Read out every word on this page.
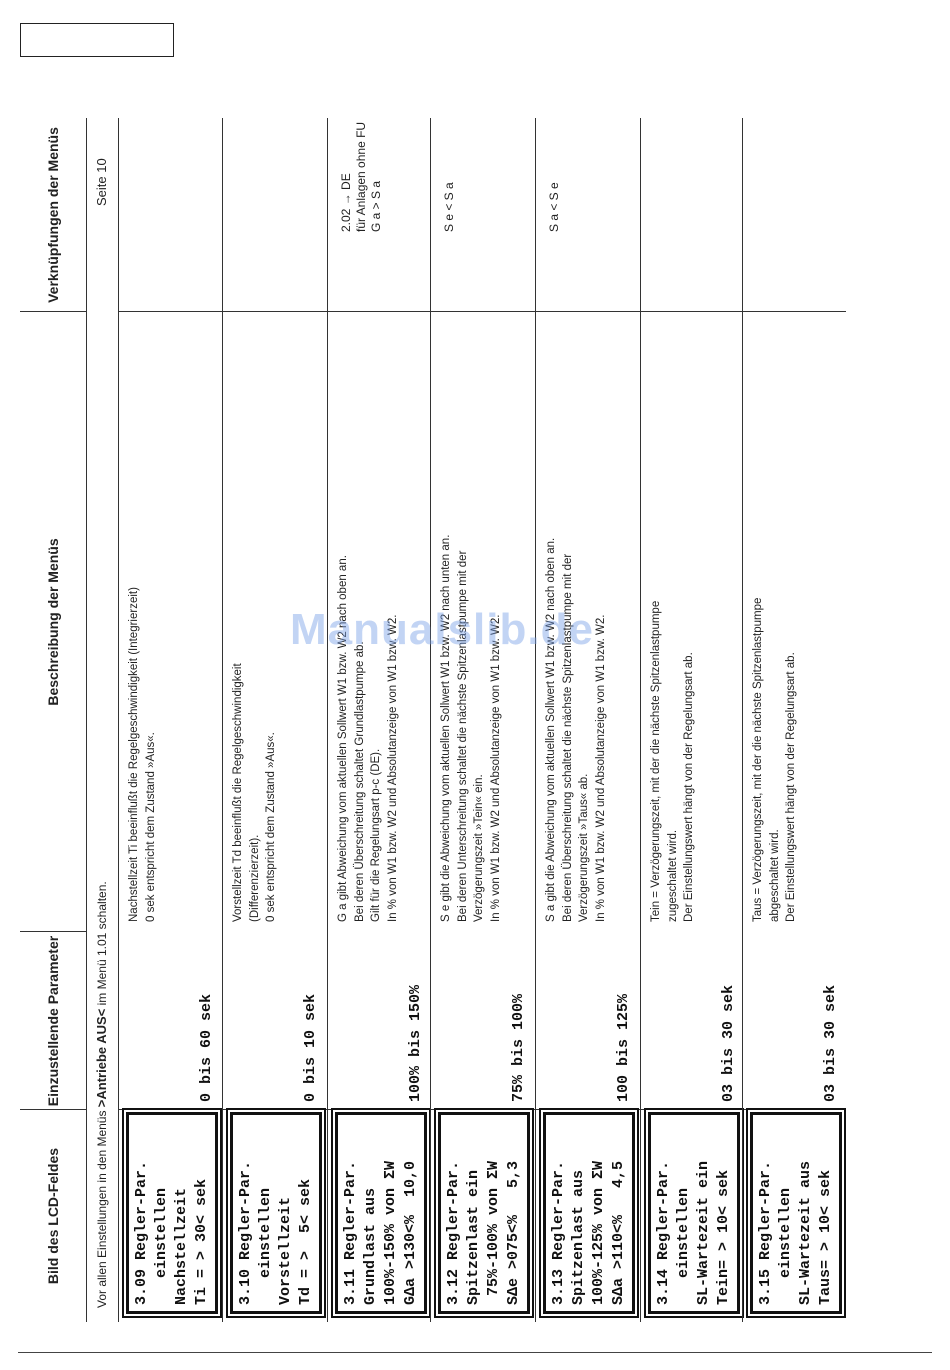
Bild des LCD-Feldes
Einzustellende Parameter
Beschreibung der Menüs
Verknüpfungen der Menüs
Vor allen Einstellungen in den Menüs >Antriebe AUS< im Menü 1.01 schalten.
Seite 10
3.09 Regler-Par. einstellen Nachstellzeit Ti = > 30< sek
0 bis 60 sek
Nachstellzeit Ti beeinflußt die Regelgeschwindigkeit (Integrierzeit) 0 sek entspricht dem Zustand »Aus«.
3.10 Regler-Par. einstellen Vorstellzeit Td = >  5< sek
0 bis 10 sek
Vorstellzeit Td beeinflußt die Regelgeschwindigkeit (Differenzierzeit). 0 sek entspricht dem Zustand »Aus«.
3.11 Regler-Par. Grundlast aus 100%-150% von ΣW GΔa >130<%  10,0
100% bis 150%
G a gibt Abweichung vom aktuellen Sollwert W1 bzw. W2 nach oben an. Bei deren Überschreitung schaltet Grundlastpumpe ab. Gilt für die Regelungsart p-c (DE). In % von W1 bzw. W2 und Absolutanzeige von W1 bzw. W2.
2.02 → DE für Anlagen ohne FU G a > S a
3.12 Regler-Par. Spitzenlast ein 75%-100% von ΣW SΔe >075<%   5,3
75% bis 100%
S e gibt die Abweichung vom aktuellen Sollwert W1 bzw. W2 nach unten an. Bei deren Unterschreitung schaltet die nächste Spitzenlastpumpe mit der Verzögerungszeit »Tein« ein. In % von W1 bzw. W2 und Absolutanzeige von W1 bzw. W2.
S e < S a
3.13 Regler-Par. Spitzenlast aus 100%-125% von ΣW SΔa >110<%   4,5
100 bis 125%
S a gibt die Abweichung vom aktuellen Sollwert W1 bzw. W2 nach oben an. Bei deren Überschreitung schaltet die nächste Spitzenlastpumpe mit der Verzögerungszeit »Taus« ab. In % von W1 bzw. W2 und Absolutanzeige von W1 bzw. W2.
S a < S e
3.14 Regler-Par. einstellen SL-Wartezeit ein Tein= > 10< sek
03 bis 30 sek
Tein = Verzögerungszeit, mit der die nächste Spitzenlastpumpe zugeschaltet wird. Der Einstellungswert hängt von der Regelungsart ab.
3.15 Regler-Par. einstellen SL-Wartezeit aus Taus= > 10< sek
03 bis 30 sek
Taus = Verzögerungszeit, mit der die nächste Spitzenlastpumpe abgeschaltet wird. Der Einstellungswert hängt von der Regelungsart ab.
Manualslib.de
